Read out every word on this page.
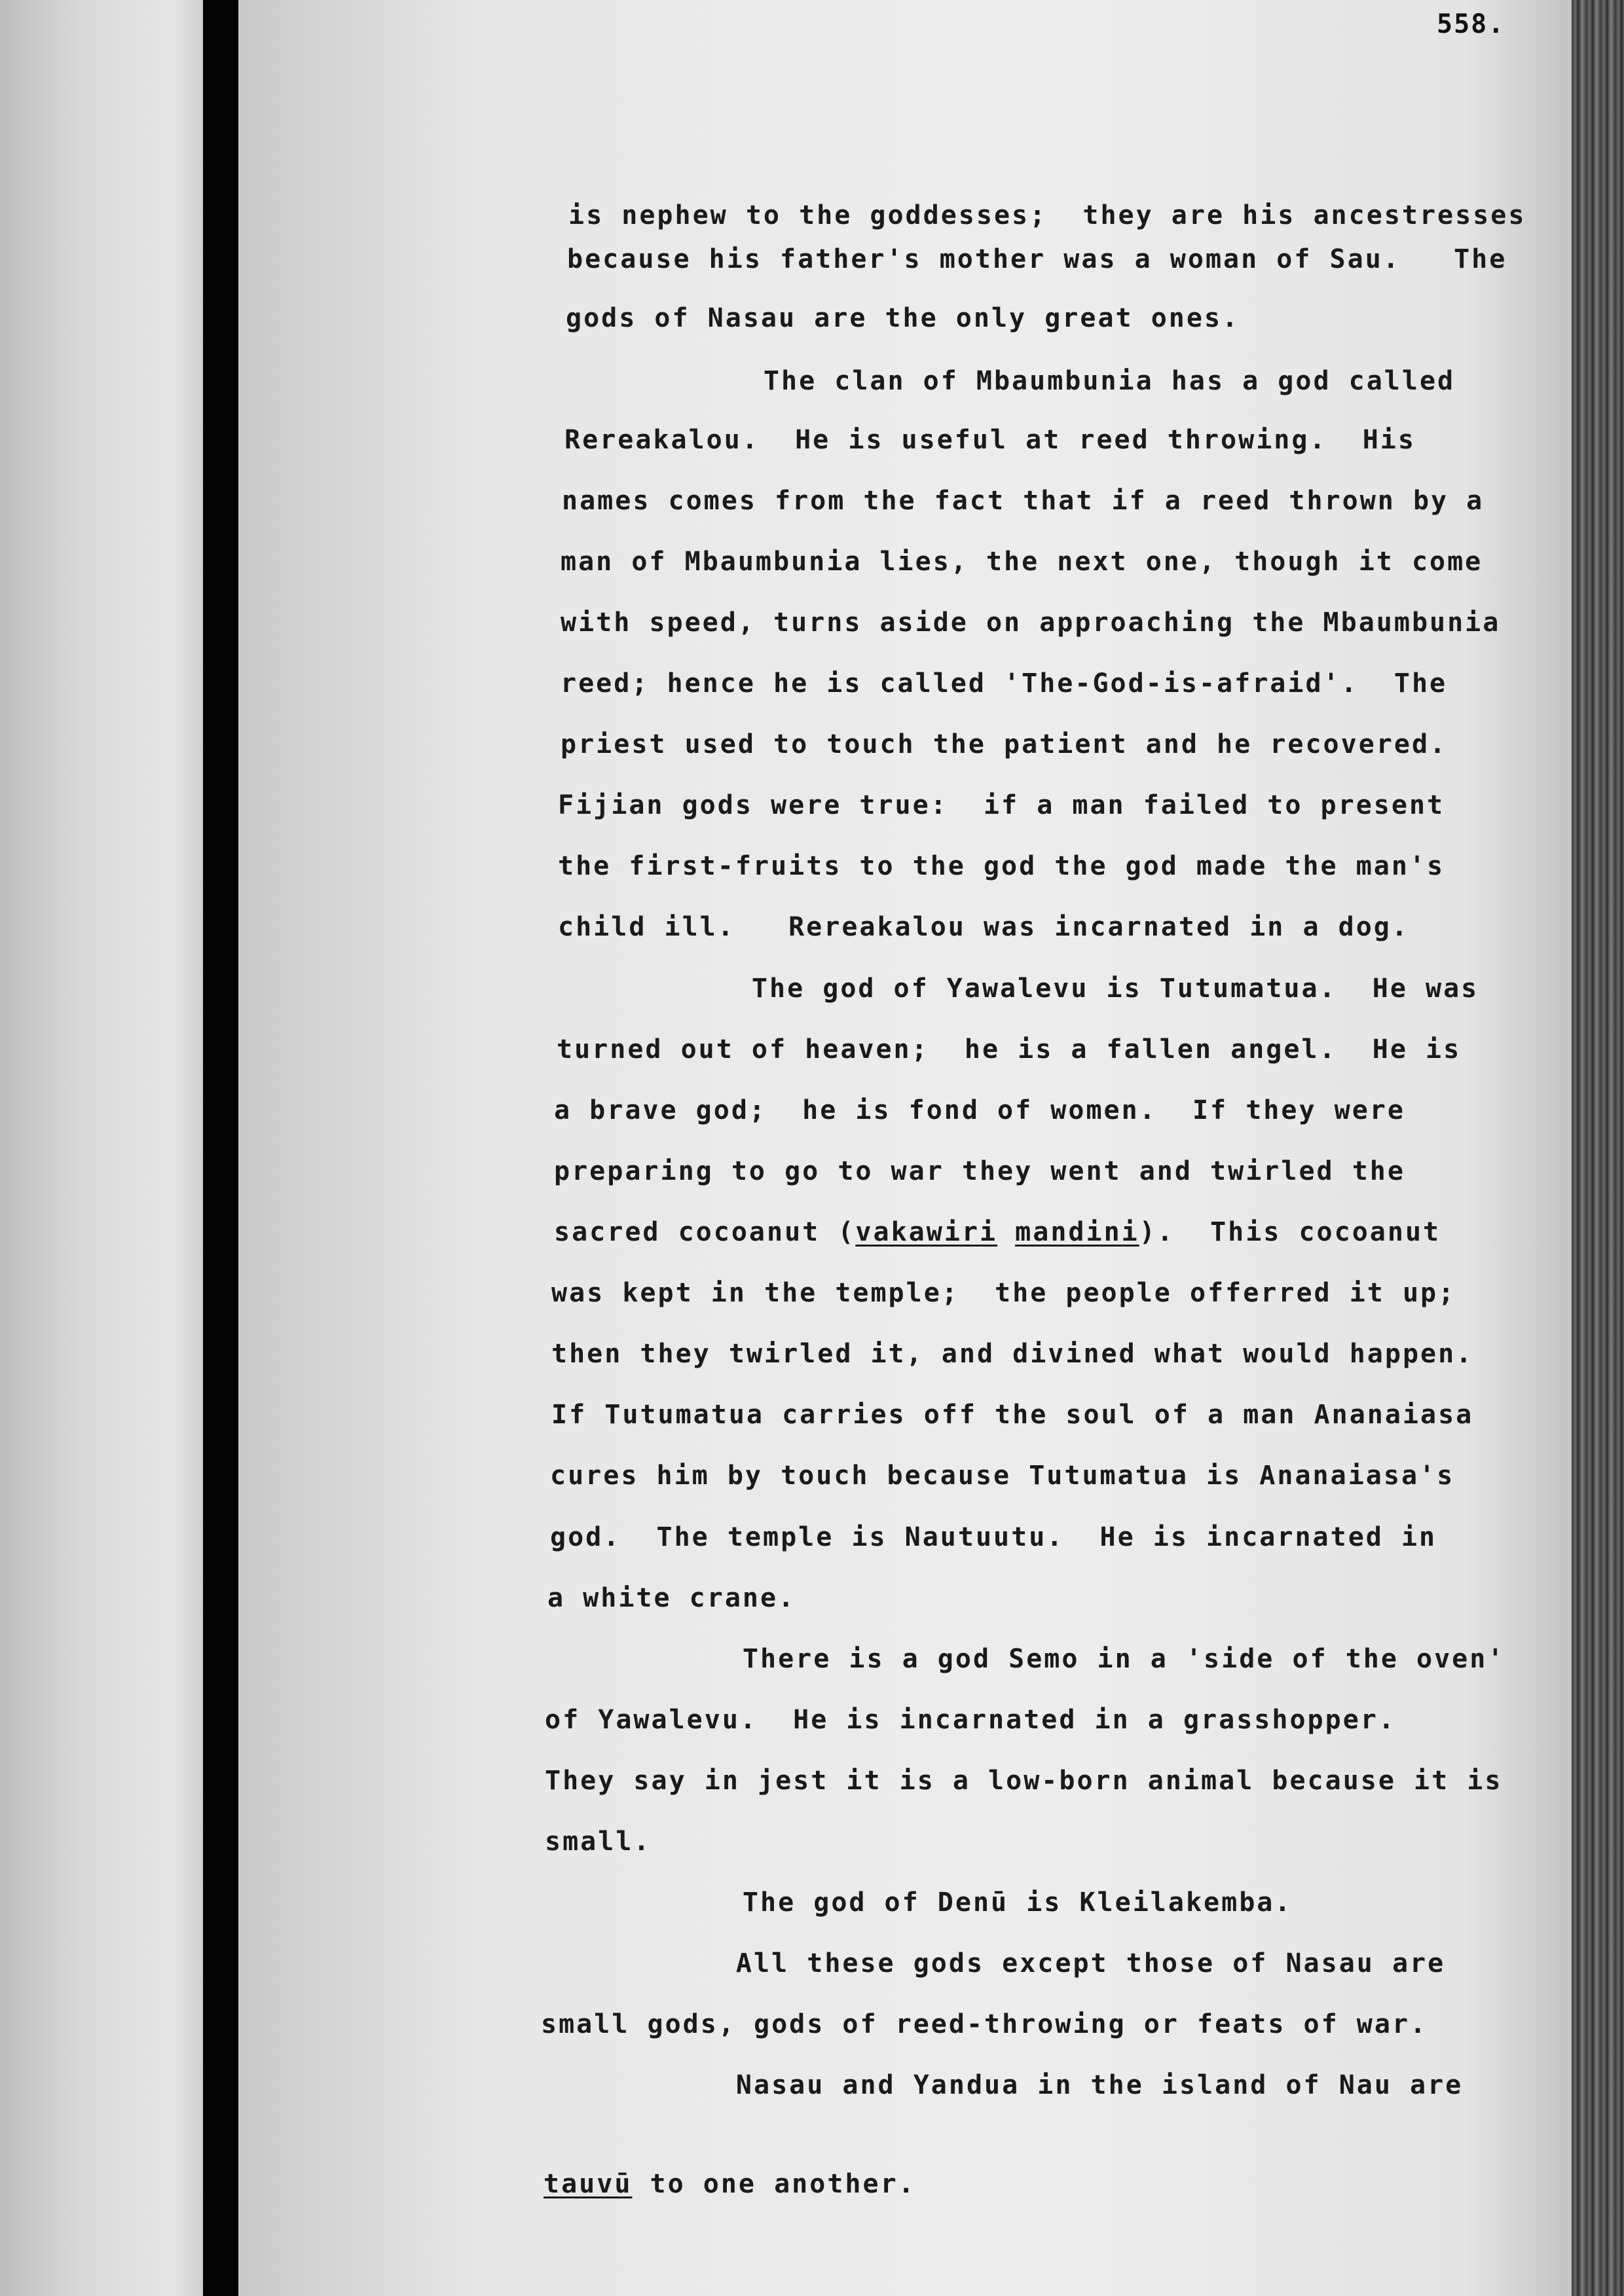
558.
is nephew to the goddesses;  they are his ancestresses
because his father's mother was a woman of Sau.   The
gods of Nasau are the only great ones.
The clan of Mbaumbunia has a god called
Rereakalou.  He is useful at reed throwing.  His
names comes from the fact that if a reed thrown by a
man of Mbaumbunia lies, the next one, though it come
with speed, turns aside on approaching the Mbaumbunia
reed; hence he is called 'The-God-is-afraid'.  The
priest used to touch the patient and he recovered.
Fijian gods were true:  if a man failed to present
the first-fruits to the god the god made the man's
child ill.   Rereakalou was incarnated in a dog.
The god of Yawalevu is Tutumatua.  He was
turned out of heaven;  he is a fallen angel.  He is
a brave god;  he is fond of women.  If they were
preparing to go to war they went and twirled the
sacred cocoanut (vakawiri mandini).  This cocoanut
was kept in the temple;  the people offerred it up;
then they twirled it, and divined what would happen.
If Tutumatua carries off the soul of a man Ananaiasa
cures him by touch because Tutumatua is Ananaiasa's
god.  The temple is Nautuutu.  He is incarnated in
a white crane.
There is a god Semo in a 'side of the oven'
of Yawalevu.  He is incarnated in a grasshopper.
They say in jest it is a low-born animal because it is
small.
The god of Denū is Kleilakemba.
All these gods except those of Nasau are
small gods, gods of reed-throwing or feats of war.
Nasau and Yandua in the island of Nau are
tauvū to one another.
